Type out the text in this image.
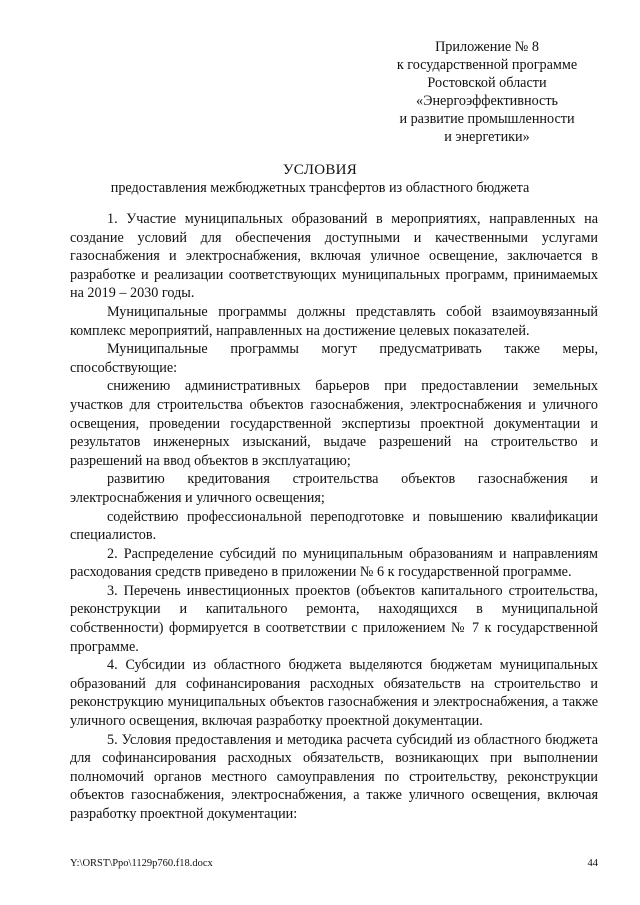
Приложение № 8
к государственной программе
Ростовской области
«Энергоэффективность
и развитие промышленности
и энергетики»
УСЛОВИЯ
предоставления межбюджетных трансфертов из областного бюджета

1. Участие муниципальных образований в мероприятиях, направленных на создание условий для обеспечения доступными и качественными услугами газоснабжения и электроснабжения, включая уличное освещение, заключается в разработке и реализации соответствующих муниципальных программ, принимаемых на 2019 – 2030 годы.

Муниципальные программы должны представлять собой взаимоувязанный комплекс мероприятий, направленных на достижение целевых показателей.

Муниципальные программы могут предусматривать также меры, способствующие:

снижению административных барьеров при предоставлении земельных участков для строительства объектов газоснабжения, электроснабжения и уличного освещения, проведении государственной экспертизы проектной документации и результатов инженерных изысканий, выдаче разрешений на строительство и разрешений на ввод объектов в эксплуатацию;

развитию кредитования строительства объектов газоснабжения и электроснабжения и уличного освещения;

содействию профессиональной переподготовке и повышению квалификации специалистов.

2. Распределение субсидий по муниципальным образованиям и направлениям расходования средств приведено в приложении № 6 к государственной программе.

3. Перечень инвестиционных проектов (объектов капитального строительства, реконструкции и капитального ремонта, находящихся в муниципальной собственности) формируется в соответствии с приложением № 7 к государственной программе.

4. Субсидии из областного бюджета выделяются бюджетам муниципальных образований для софинансирования расходных обязательств на строительство и реконструкцию муниципальных объектов газоснабжения и электроснабжения, а также уличного освещения, включая разработку проектной документации.

5. Условия предоставления и методика расчета субсидий из областного бюджета для софинансирования расходных обязательств, возникающих при выполнении полномочий органов местного самоуправления по строительству, реконструкции объектов газоснабжения, электроснабжения, а также уличного освещения, включая разработку проектной документации:

Y:\ORST\Ppo\1129p760.f18.docx	44
